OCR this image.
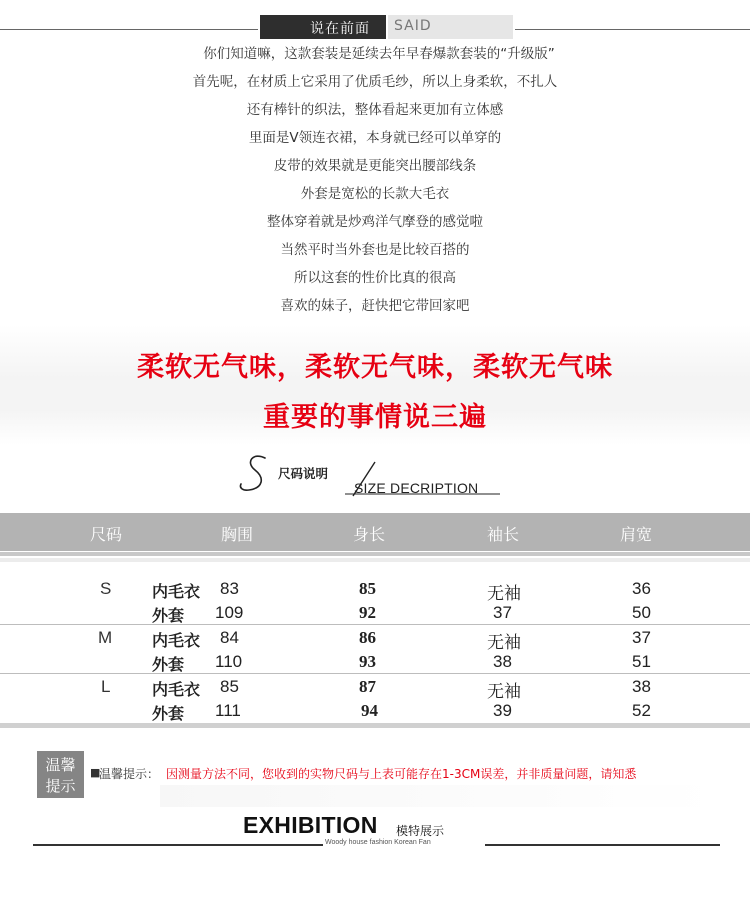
说在前面 SAID
你们知道嘛，这款套装是延续去年早春爆款套装的“升级版”
首先呢，在材质上它采用了优质毛纱，所以上身柔软，不扎人
还有棒针的织法，整体看起来更加有立体感
里面是V领连衣裙，本身就已经可以单穿的
皮带的效果就是更能突出腰部线条
外套是宽松的长款大毛衣
整体穿着就是炒鸡洋气摩登的感觉啦
当然平时当外套也是比较百搭的
所以这套的性价比真的很高
喜欢的妹子，赶快把它带回家吧
柔软无气味，柔软无气味，柔软无气味
重要的事情说三遍
尺码说明
SIZE DECRIPTION
尺码	胸围	身长	袖长	肩宽
S	内毛衣 83	85	无袖	36
外套 109	92	37	50
M 内毛衣 84	86	无袖	37
外套 110	93	38	51
L	内毛衣 85	87	无袖	38
外套 111	94	39	52
温馨
提示
■
温馨提示： 因测量方法不同，您收到的实物尺码与上表可能存在1-3CM误差，并非质量问题，请知悉
EXHIBITION 模特展示
Woody house fashion Korean Fan
